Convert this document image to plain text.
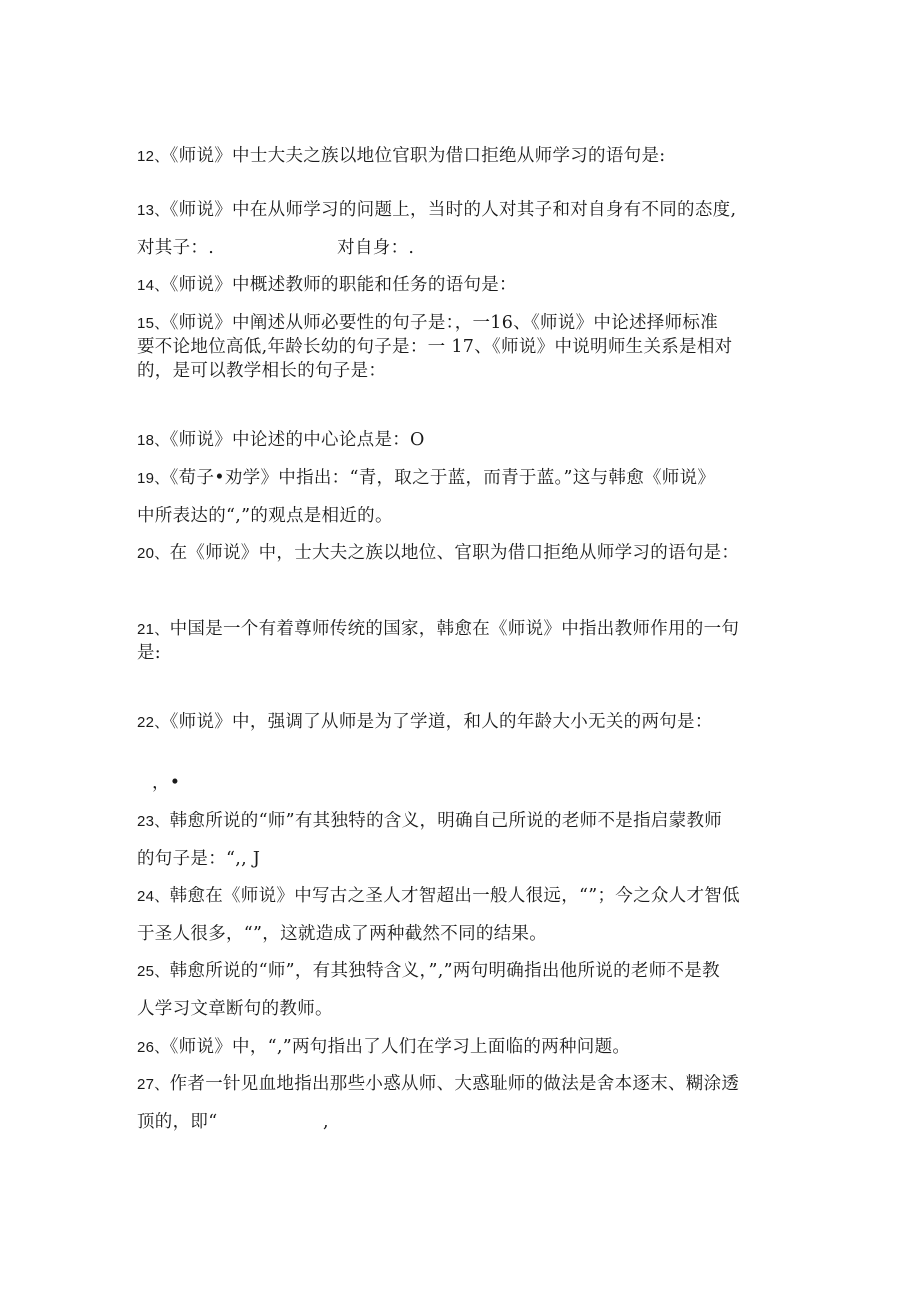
12、《师说》中士大夫之族以地位官职为借口拒绝从师学习的语句是:
13、《师说》中在从师学习的问题上，当时的人对其子和对自身有不同的态度,
对其子：.                     对自身：.
14、《师说》中概述教师的职能和任务的语句是：
15、《师说》中阐述从师必要性的句子是：，一16、《师说》中论述择师标准
要不论地位高低,年龄长幼的句子是：一 17、《师说》中说明师生关系是相对
的，是可以教学相长的句子是：
18、《师说》中论述的中心论点是：O
19、《荀子•劝学》中指出：“青，取之于蓝，而青于蓝。”这与韩愈《师说》
中所表达的“,”的观点是相近的。
20、在《师说》中，士大夫之族以地位、官职为借口拒绝从师学习的语句是：
21、中国是一个有着尊师传统的国家，韩愈在《师说》中指出教师作用的一句
是:
22、《师说》中，强调了从师是为了学道，和人的年龄大小无关的两句是：
，•
23、韩愈所说的“师”有其独特的含义，明确自己所说的老师不是指启蒙教师
的句子是：“,, J
24、韩愈在《师说》中写古之圣人才智超出一般人很远，“”；今之众人才智低
于圣人很多，“”，这就造成了两种截然不同的结果。
25、韩愈所说的“师”，有其独特含义，”,”两句明确指出他所说的老师不是教
人学习文章断句的教师。
26、《师说》中，“,”两句指出了人们在学习上面临的两种问题。
27、作者一针见血地指出那些小惑从师、大惑耻师的做法是舍本逐末、糊涂透
顶的，即“                  ,
